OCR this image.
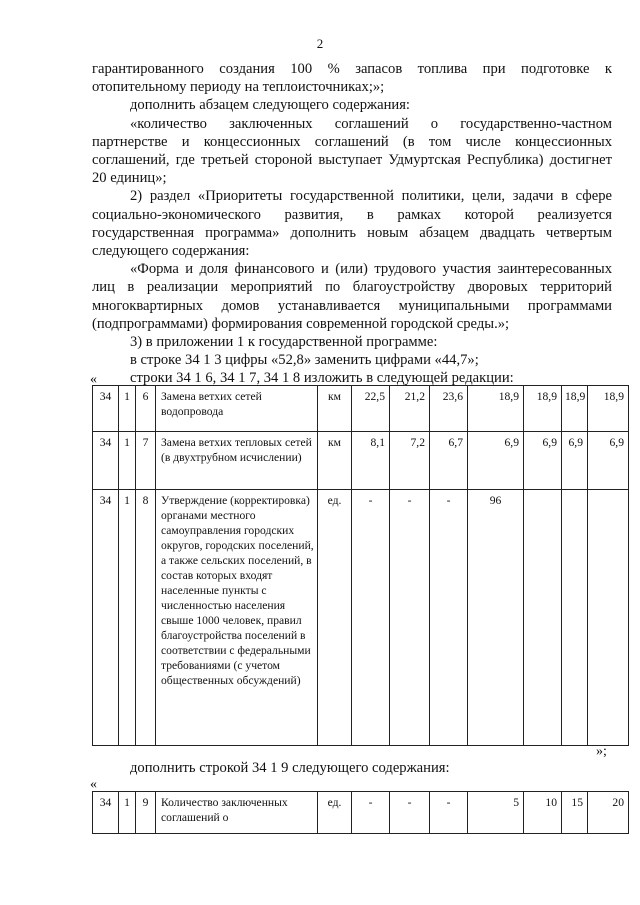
2

гарантированного создания 100 % запасов топлива при подготовке к отопительному периоду на теплоисточниках;»;

дополнить абзацем следующего содержания:

«количество заключенных соглашений о государственно-частном партнерстве и концессионных соглашений (в том числе концессионных соглашений, где третьей стороной выступает Удмуртская Республика) достигнет 20 единиц»;

2) раздел «Приоритеты государственной политики, цели, задачи в сфере социально-экономического развития, в рамках которой реализуется государственная программа» дополнить новым абзацем двадцать четвертым следующего содержания:

«Форма и доля финансового и (или) трудового участия заинтересованных лиц в реализации мероприятий по благоустройству дворовых территорий многоквартирных домов устанавливается муниципальными программами (подпрограммами) формирования современной городской среды.»;

3) в приложении 1 к государственной программе:

в строке 34 1 3 цифры «52,8» заменить цифрами «44,7»;

строки 34 1 6, 34 1 7, 34 1 8 изложить в следующей редакции:

«
34	1	6	Замена ветхих сетей водопровода	км	22,5	21,2	23,6	18,9	18,9	18,9	18,9
34	1	7	Замена ветхих тепловых сетей (в двухтрубном исчислении)	км	8,1	7,2	6,7	6,9	6,9	6,9	6,9
34	1	8	Утверждение (корректировка) органами местного самоуправления городских округов, городских поселений, а также сельских поселений, в состав которых входят населенные пункты с численностью населения свыше 1000 человек, правил благоустройства поселений в соответствии с федеральными требованиями (с учетом общественных обсуждений)	ед.	-	-	-	96			
»;
дополнить строкой 34 1 9 следующего содержания:
«
34	1	9	Количество заключенных соглашений о	ед.	-	-	-	5	10	15	20
